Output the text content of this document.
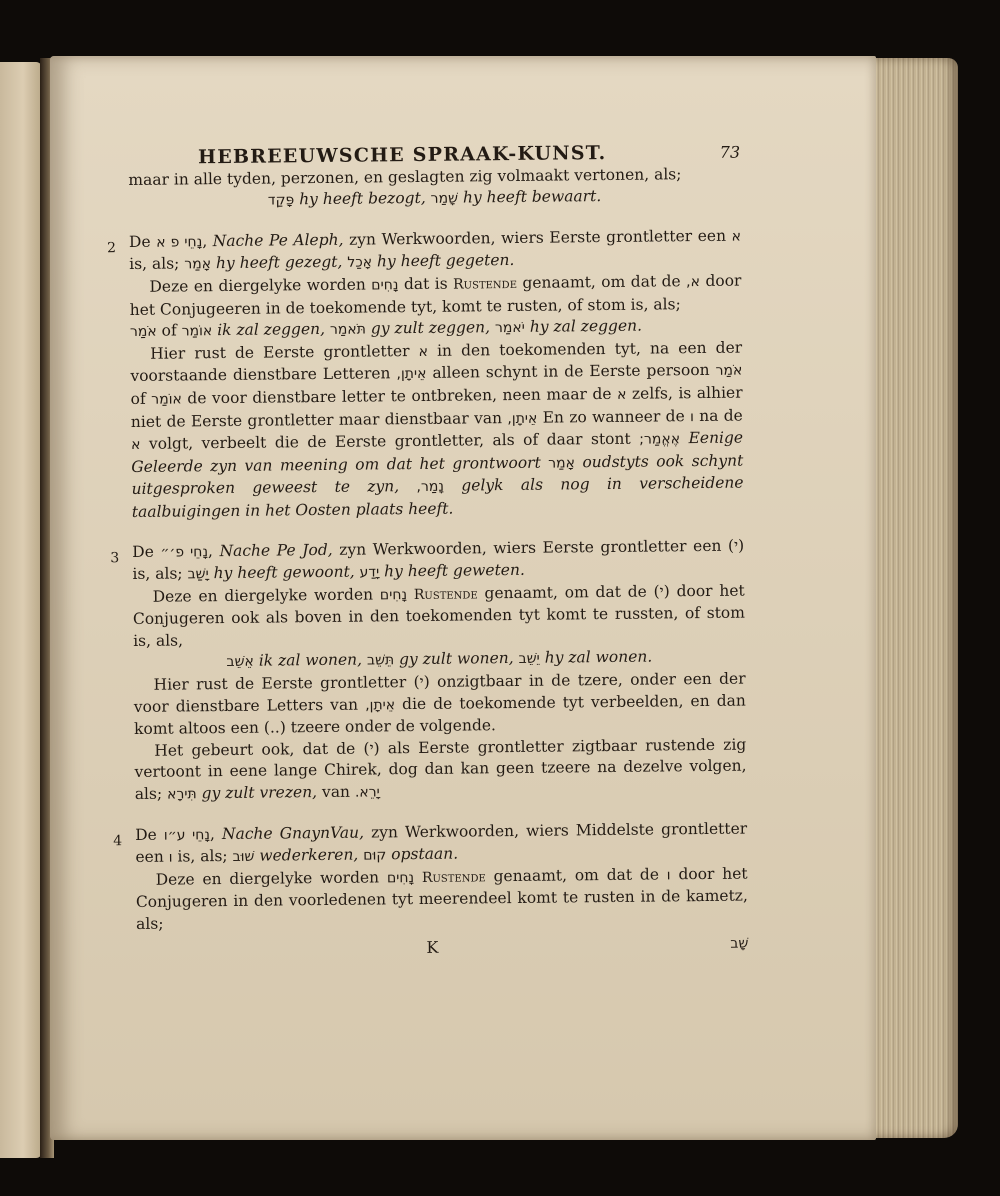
HEBREEUWSCHE SPRAAK-KUNST.	73

maar in alle tyden, perzonen, en geslagten zig volmaakt vertonen, als;

פָּקַד hy heeft bezogt, שָׁמַר hy heeft bewaart.

2 De נָחֵי פ א, Nache Pe Aleph, zyn Werkwoorden, wiers Eerste grontletter een א is, als; אָמַר hy heeft gezegt, אָכַל hy heeft gegeten.

Deze en diergelyke worden נָחִים dat is Rustende genaamt, om dat de א, door het Conjugeeren in de toekomende tyt, komt te rusten, of stom is, als;

אֹמַר of אוֹמַר ik zal zeggen, תֹּאמַר gy zult zeggen, יֹאמַר hy zal zeggen.

Hier rust de Eerste grontletter א in den toekomenden tyt, na een der voorstaande dienstbare Letteren אֵיתָן, alleen schynt in de Eerste persoon אֹמַר of אוֹמַר de voor dienstbare letter te ontbreken, neen maar de א zelfs, is alhier niet de Eerste grontletter maar dienstbaar van אֵיתָן, En zo wanneer de ו na de א volgt, verbeelt die de Eerste grontletter, als of daar stont אֶאֱמַר; Eenige Geleerde zyn van meening om dat het grontwoort אָמַר oudstyts ook schynt uitgesproken geweest te zyn, נָמַר, gelyk als nog in verscheidene taalbuigingen in het Oosten plaats heeft.

3 De נָחֵי פ׳״, Nache Pe Jod, zyn Werkwoorden, wiers Eerste grontletter een (י) is, als; יָשַׁב hy heeft gewoont, יָדַע hy heeft geweten.

Deze en diergelyke worden נָחִים Rustende genaamt, om dat de (י) door het Conjugeren ook als boven in den toekomenden tyt komt te russten, of stom is, als,

אֵשֵׁב ik zal wonen, תֵּשֵׁב gy zult wonen, יֵשֵׁב hy zal wonen.

Hier rust de Eerste grontletter (י) onzigtbaar in de tzere, onder een der voor dienstbare Letters van אֵיתָן, die de toekomende tyt verbeelden, en dan komt altoos een (..) tzeere onder de volgende.

Het gebeurt ook, dat de (י) als Eerste grontletter zigtbaar rustende zig vertoont in eene lange Chirek, dog dan kan geen tzeere na dezelve volgen, als; תִּירָא gy zult vrezen, van יָרֵא.

4 De נָחֵי ע״ו, Nache GnaynVau, zyn Werkwoorden, wiers Middelste grontletter een ו is, als; שׁוּב wederkeren, קוּם opstaan.

Deze en diergelyke worden נָחִים Rustende genaamt, om dat de ו door het Conjugeren in den voorledenen tyt meerendeel komt te rusten in de kametz, als;

K	שָׁב
